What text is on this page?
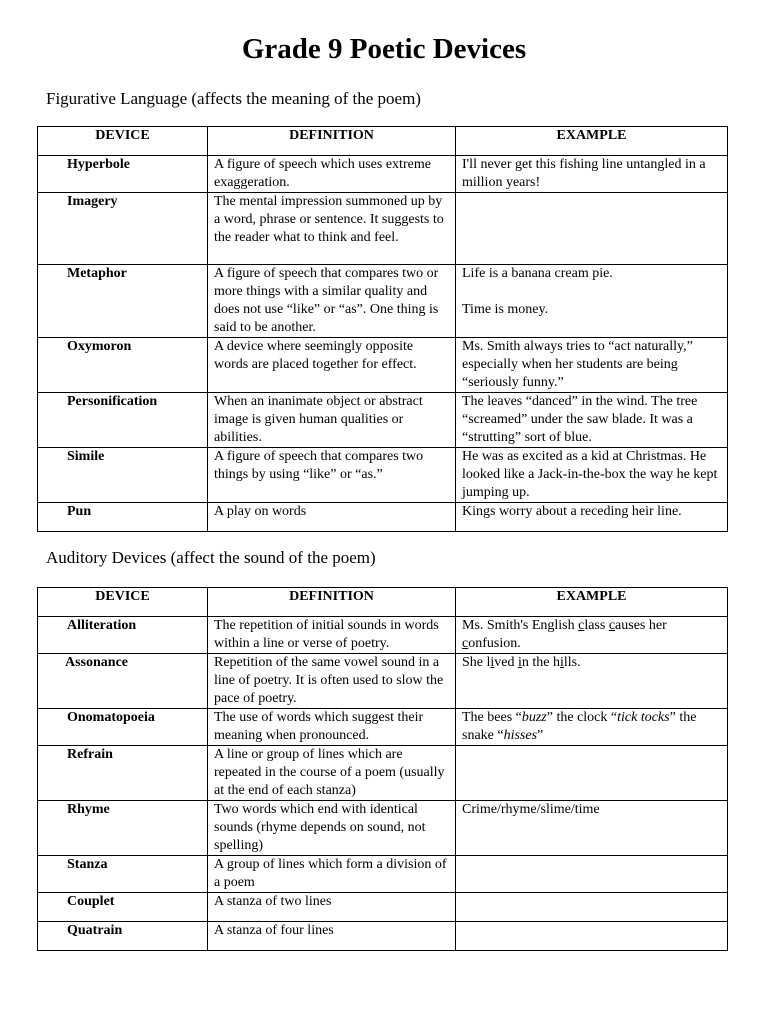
Grade 9 Poetic Devices
Figurative Language (affects the meaning of the poem)
DEVICE	DEFINITION	EXAMPLE
Hyperbole	A figure of speech which uses extreme exaggeration.	I'll never get this fishing line untangled in a million years!
Imagery	The mental impression summoned up by a word, phrase or sentence. It suggests to the reader what to think and feel.	
Metaphor	A figure of speech that compares two or more things with a similar quality and does not use “like” or “as”. One thing is said to be another.	Life is a banana cream pie.
Time is money.
Oxymoron	A device where seemingly opposite words are placed together for effect.	Ms. Smith always tries to “act naturally,” especially when her students are being “seriously funny.”
Personification	When an inanimate object or abstract image is given human qualities or abilities.	The leaves “danced” in the wind. The tree “screamed” under the saw blade. It was a “strutting” sort of blue.
Simile	A figure of speech that compares two things by using “like” or “as.”	He was as excited as a kid at Christmas. He looked like a Jack-in-the-box the way he kept jumping up.
Pun	A play on words	Kings worry about a receding heir line.
Auditory Devices (affect the sound of the poem)
DEVICE	DEFINITION	EXAMPLE
Alliteration	The repetition of initial sounds in words within a line or verse of poetry.	Ms. Smith's English class causes her confusion.
Assonance	Repetition of the same vowel sound in a line of poetry. It is often used to slow the pace of poetry.	She lived in the hills.
Onomatopoeia	The use of words which suggest their meaning when pronounced.	The bees “buzz” the clock “tick tocks” the snake “hisses”
Refrain	A line or group of lines which are repeated in the course of a poem (usually at the end of each stanza)	
Rhyme	Two words which end with identical sounds (rhyme depends on sound, not spelling)	Crime/rhyme/slime/time
Stanza	A group of lines which form a division of a poem	
Couplet	A stanza of two lines	
Quatrain	A stanza of four lines	
